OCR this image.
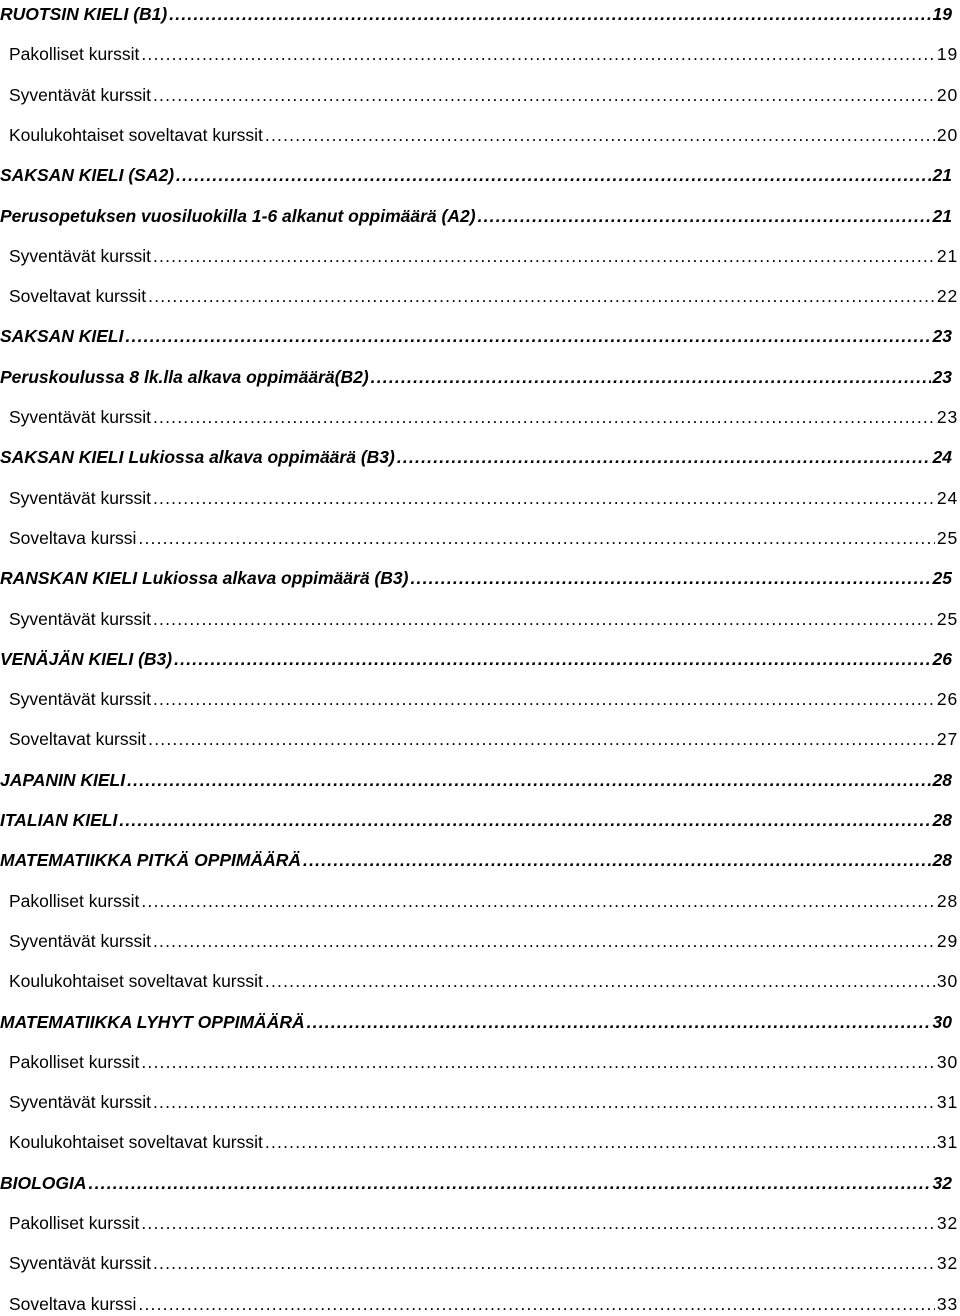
RUOTSIN KIELI (B1) .....	19
Pakolliset kurssit .....	19
Syventävät kurssit .....	20
Koulukohtaiset soveltavat kurssit .....	20
SAKSAN KIELI (SA2) .....	21
Perusopetuksen vuosiluokilla 1-6 alkanut oppimäärä (A2) .....	21
Syventävät kurssit .....	21
Soveltavat kurssit .....	22
SAKSAN KIELI .....	23
Peruskoulussa 8 lk.lla alkava oppimäärä(B2) .....	23
Syventävät kurssit .....	23
SAKSAN KIELI Lukiossa alkava oppimäärä (B3) .....	24
Syventävät kurssit .....	24
Soveltava kurssi .....	25
RANSKAN KIELI Lukiossa alkava oppimäärä (B3) .....	25
Syventävät kurssit .....	25
VENÄJÄN KIELI (B3) .....	26
Syventävät kurssit .....	26
Soveltavat kurssit .....	27
JAPANIN KIELI .....	28
ITALIAN KIELI .....	28
MATEMATIIKKA PITKÄ OPPIMÄÄRÄ .....	28
Pakolliset kurssit .....	28
Syventävät kurssit .....	29
Koulukohtaiset soveltavat kurssit .....	30
MATEMATIIKKA LYHYT OPPIMÄÄRÄ .....	30
Pakolliset kurssit .....	30
Syventävät kurssit .....	31
Koulukohtaiset soveltavat kurssit .....	31
BIOLOGIA .....	32
Pakolliset kurssit .....	32
Syventävät kurssit .....	32
Soveltava kurssi .....	33
